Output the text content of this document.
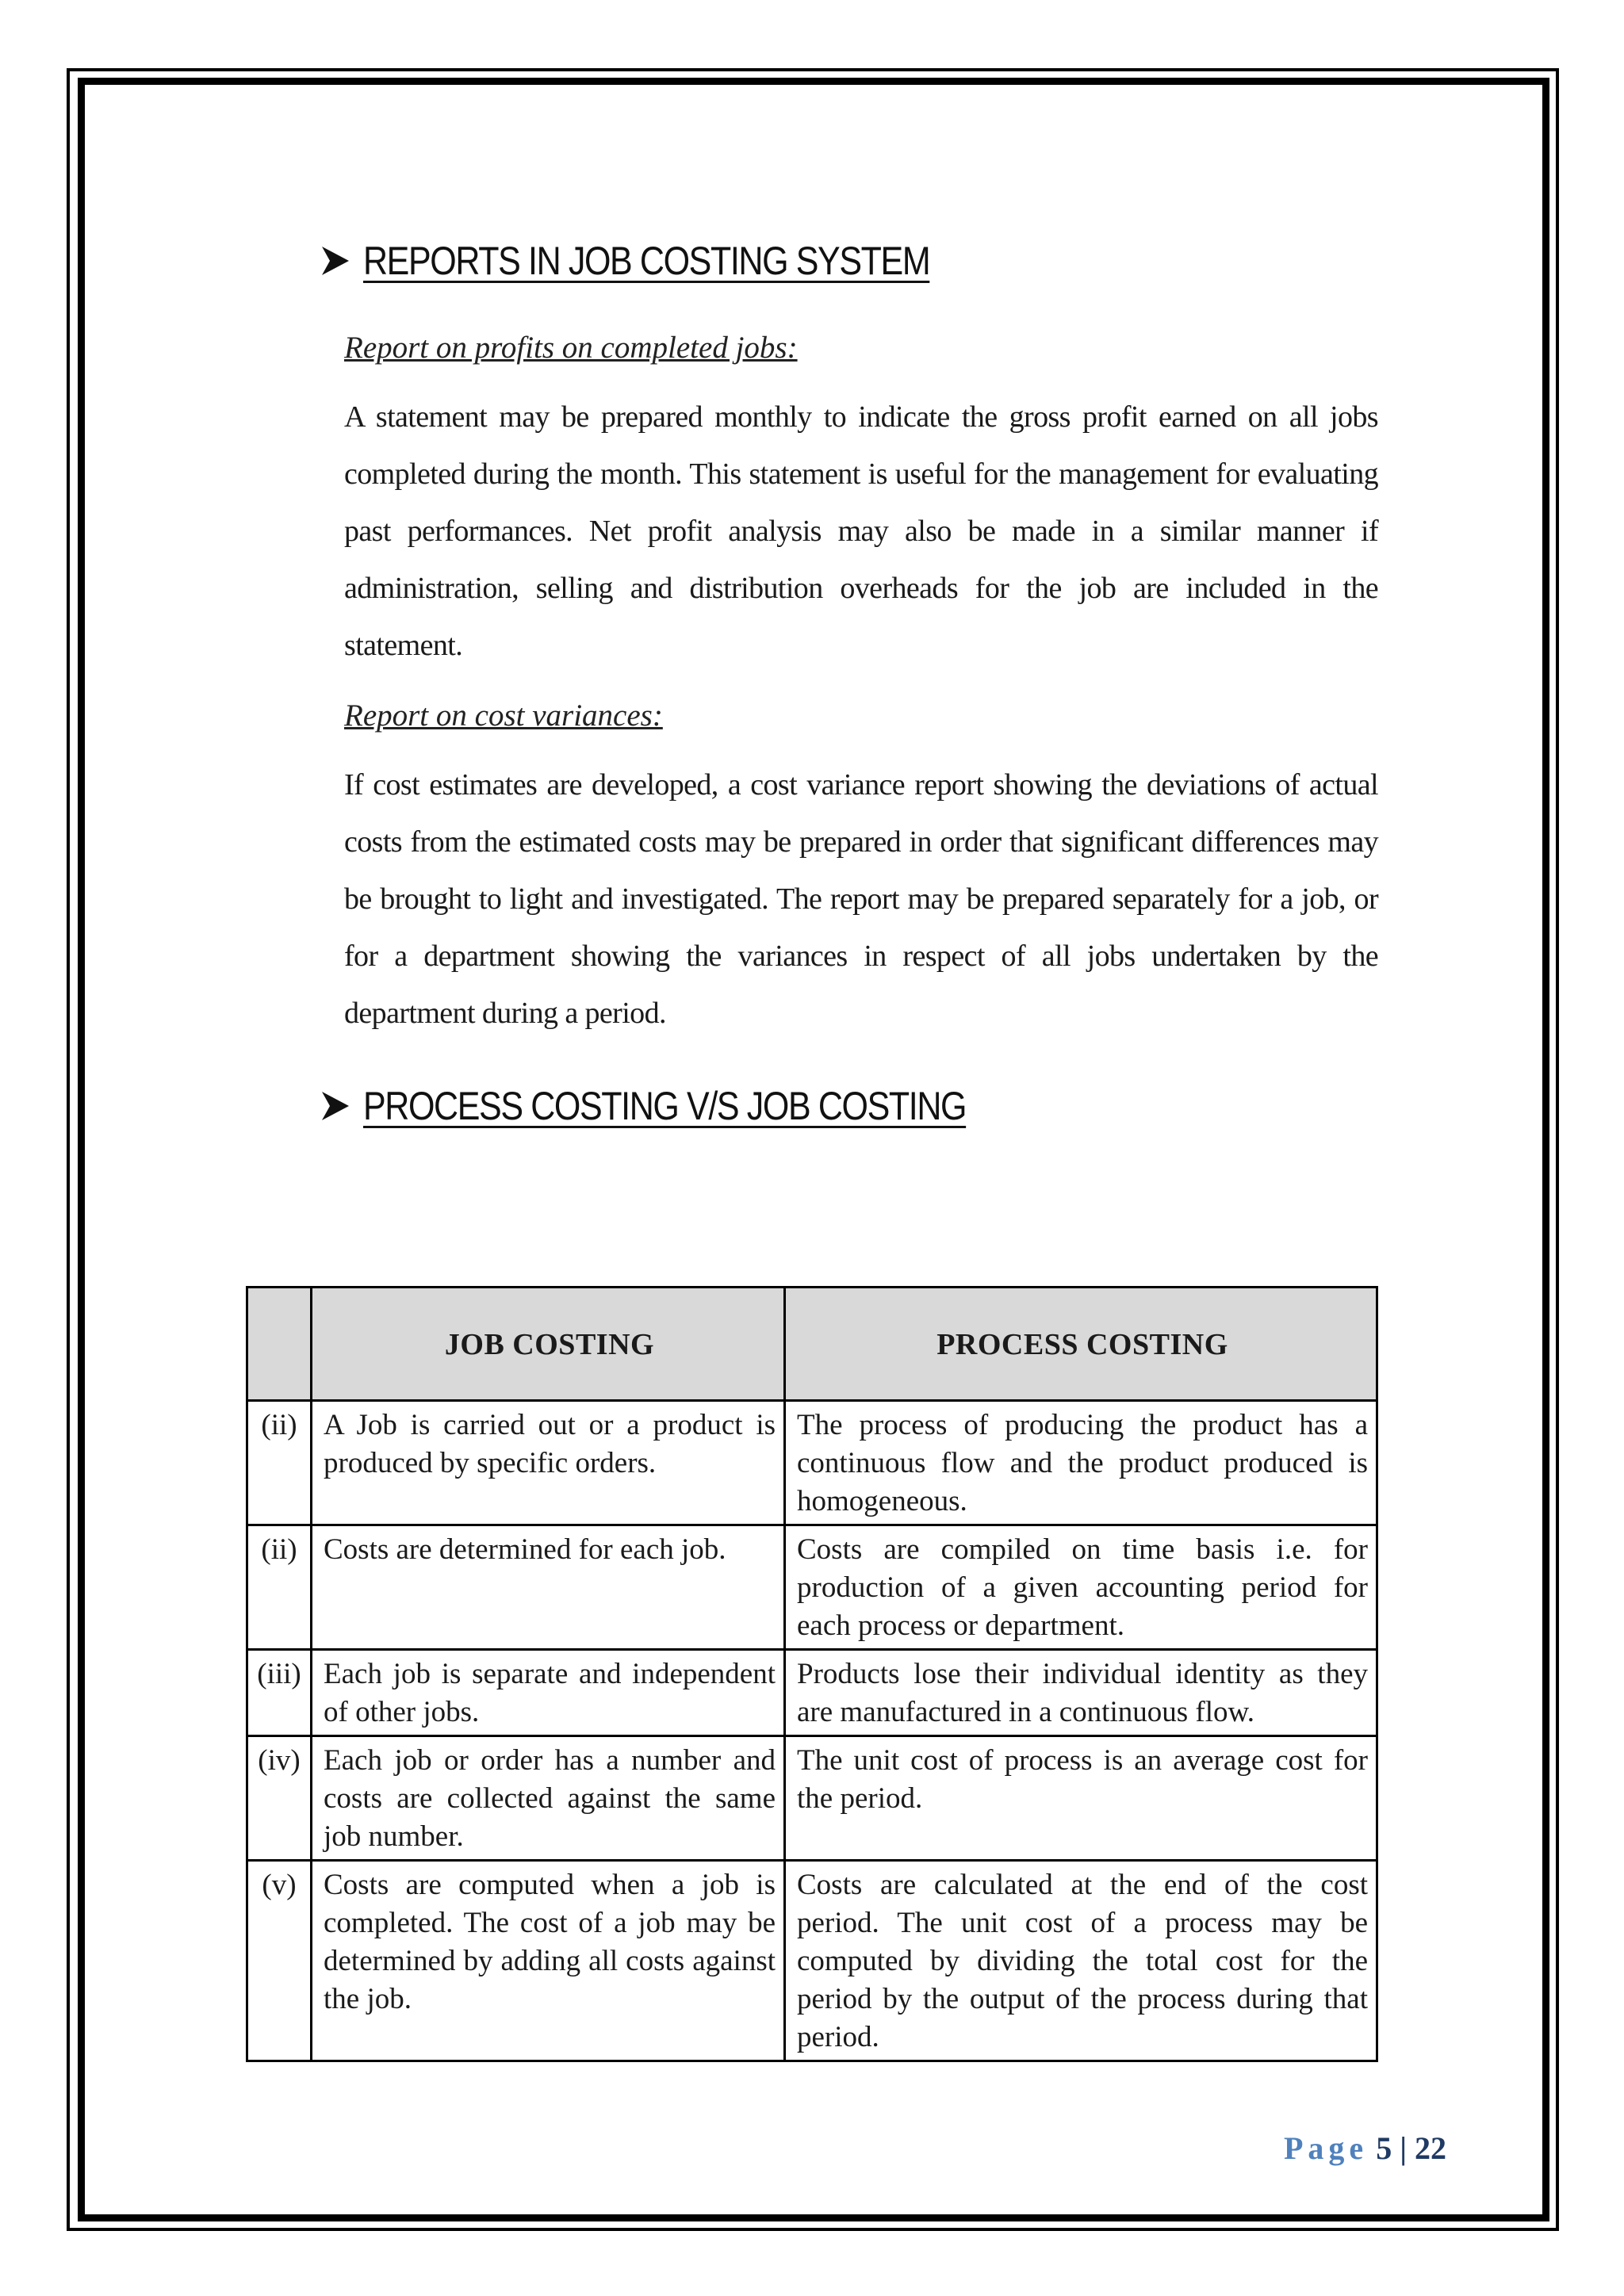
REPORTS IN JOB COSTING SYSTEM
Report on profits on completed jobs:
A statement may be prepared monthly to indicate the gross profit earned on all jobs completed during the month. This statement is useful for the management for evaluating past performances. Net profit analysis may also be made in a similar manner if administration, selling and distribution overheads for the job are included in the statement.
Report on cost variances:
If cost estimates are developed, a cost variance report showing the deviations of actual costs from the estimated costs may be prepared in order that significant differences may be brought to light and investigated. The report may be prepared separately for a job, or for a department showing the variances in respect of all jobs undertaken by the department during a period.
PROCESS COSTING V/S JOB COSTING
	JOB COSTING	PROCESS COSTING
(ii)	A Job is carried out or a product is produced by specific orders.	The process of producing the product has a continuous flow and the product produced is homogeneous.
(ii)	Costs are determined for each job.	Costs are compiled on time basis i.e. for production of a given accounting period for each process or department.
(iii)	Each job is separate and independent of other jobs.	Products lose their individual identity as they are manufactured in a continuous flow.
(iv)	Each job or order has a number and costs are collected against the same job number.	The unit cost of process is an average cost for the period.
(v)	Costs are computed when a job is completed. The cost of a job may be determined by adding all costs against the job.	Costs are calculated at the end of the cost period. The unit cost of a process may be computed by dividing the total cost for the period by the output of the process during that period.
Page 5 | 22
